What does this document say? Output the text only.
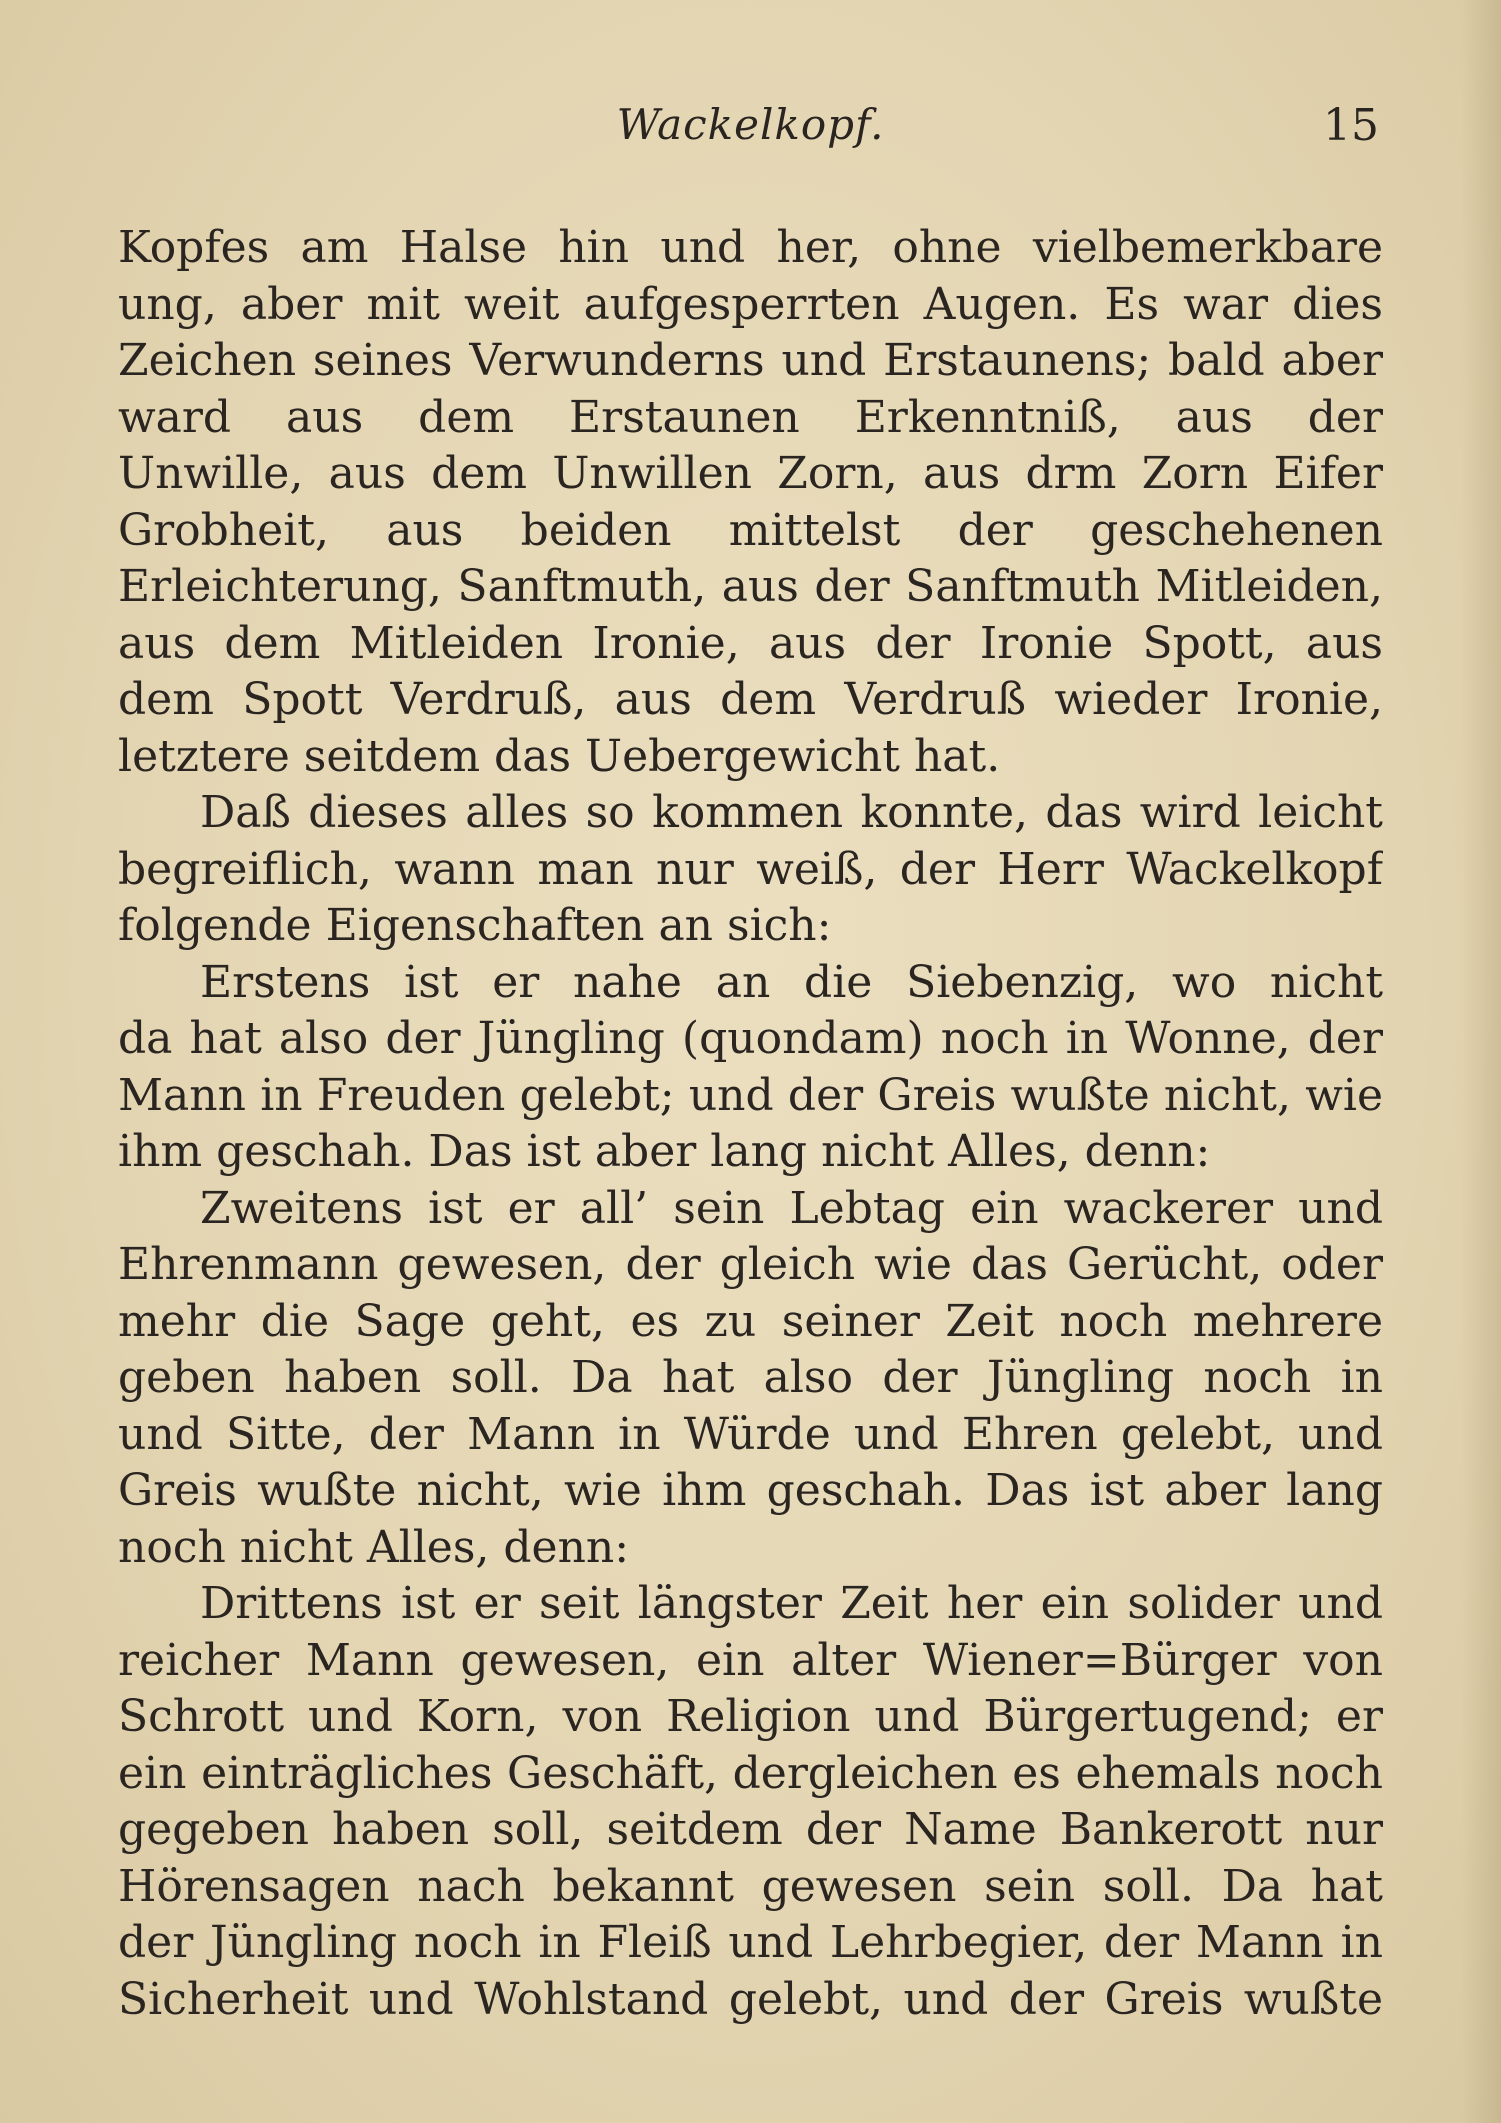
Wackelkopf.	15
Kopfes am Halse hin und her, ohne vielbemerkbare
ung, aber mit weit aufgesperrten Augen. Es war dies
Zeichen seines Verwunderns und Erstaunens; bald aber
ward aus dem Erstaunen Erkenntniß, aus der
Unwille, aus dem Unwillen Zorn, aus drm Zorn Eifer
Grobheit, aus beiden mittelst der geschehenen
Erleichterung, Sanftmuth, aus der Sanftmuth Mitleiden,
aus dem Mitleiden Ironie, aus der Ironie Spott, aus
dem Spott Verdruß, aus dem Verdruß wieder Ironie,
letztere seitdem das Uebergewicht hat.
Daß dieses alles so kommen konnte, das wird leicht
begreiflich, wann man nur weiß, der Herr Wackelkopf
folgende Eigenschaften an sich:
Erstens ist er nahe an die Siebenzig, wo nicht
da hat also der Jüngling (quondam) noch in Wonne, der
Mann in Freuden gelebt; und der Greis wußte nicht, wie
ihm geschah. Das ist aber lang nicht Alles, denn:
Zweitens ist er all’ sein Lebtag ein wackerer und
Ehrenmann gewesen, der gleich wie das Gerücht, oder
mehr die Sage geht, es zu seiner Zeit noch mehrere
geben haben soll. Da hat also der Jüngling noch in
und Sitte, der Mann in Würde und Ehren gelebt, und
Greis wußte nicht, wie ihm geschah. Das ist aber lang
noch nicht Alles, denn:
Drittens ist er seit längster Zeit her ein solider und
reicher Mann gewesen, ein alter Wiener=Bürger von
Schrott und Korn, von Religion und Bürgertugend; er
ein einträgliches Geschäft, dergleichen es ehemals noch
gegeben haben soll, seitdem der Name Bankerott nur
Hörensagen nach bekannt gewesen sein soll. Da hat
der Jüngling noch in Fleiß und Lehrbegier, der Mann in
Sicherheit und Wohlstand gelebt, und der Greis wußte
